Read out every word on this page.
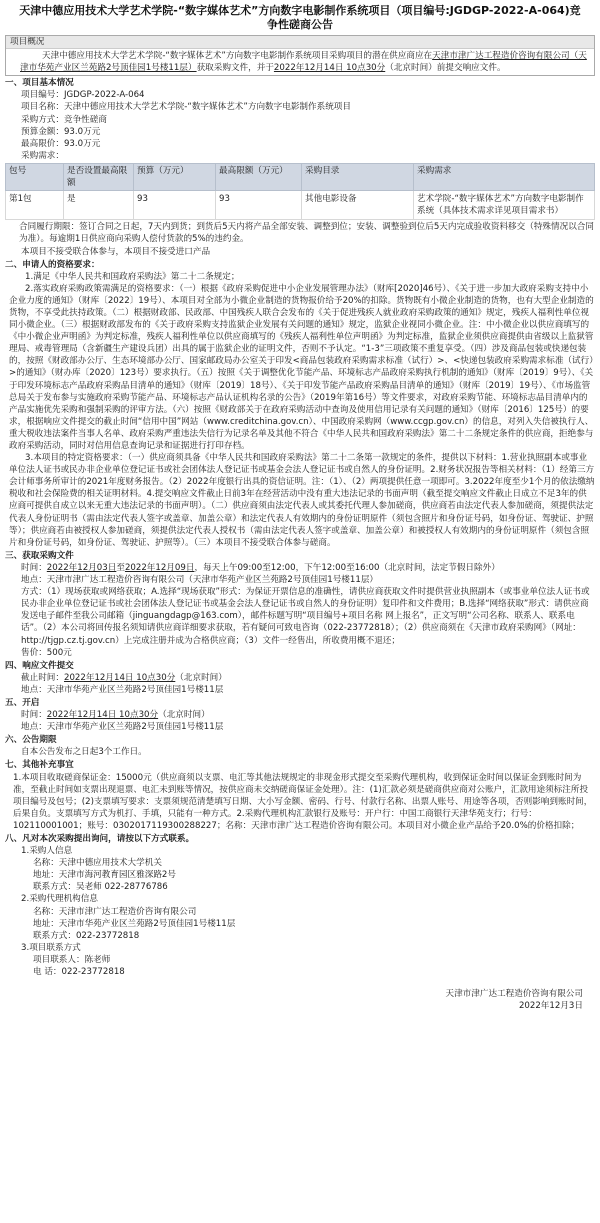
天津中德应用技术大学艺术学院-“数字媒体艺术”方向数字电影制作系统项目（项目编号:JGDGP-2022-A-064)竞争性磋商公告
项目概况
天津中德应用技术大学艺术学院-“数字媒体艺术”方向数字电影制作系统项目采购项目的潜在供应商应在天津市津广达工程造价咨询有限公司（天津市华苑产业区兰苑路2号顶佳园1号楼11层）获取采购文件，并于2022年12月14日 10点30分（北京时间）前提交响应文件。
一、项目基本情况
项目编号：JGDGP-2022-A-064
项目名称：天津中德应用技术大学艺术学院-“数字媒体艺术”方向数字电影制作系统项目
采购方式：竞争性磋商
预算金额：93.0万元
最高限价：93.0万元
采购需求：
包号	是否设置最高限额	预算（万元）	最高限额（万元）	采购目录	采购需求
第1包	是	93	93	其他电影设备	艺术学院-“数字媒体艺术”方向数字电影制作系统（具体技术需求详见项目需求书）
合同履行期限：签订合同之日起，7天内到货；到货后5天内将产品全部安装、调整到位；安装、调整验到位后5天内完成验收资料移交（特殊情况以合同为准）。每逾期1日供应商向采购人偿付货款的5%的违约金。
本项目不接受联合体参与，本项目不接受进口产品
二、申请人的资格要求：
1.满足《中华人民共和国政府采购法》第二十二条规定；
2.落实政府采购政策需满足的资格要求：（一）根据《政府采购促进中小企业发展管理办法》（财库[2020]46号）、《关于进一步加大政府采购支持中小企业力度的通知》（财库〔2022〕19号）、本项目对全部为小微企业制造的货物报价给予20%的扣除。货物既有小微企业制造的货物，也有大型企业制造的货物，不享受此扶持政策。（二）根据财政部、民政部、中国残疾人联合会发布的《关于促进残疾人就业政府采购政策的通知》规定，残疾人福利性单位视同小微企业。（三）根据财政部发布的《关于政府采购支持监狱企业发展有关问题的通知》规定，监狱企业视同小微企业。注：中小微企业以供应商填写的《中小微企业声明函》为判定标准，残疾人福利性单位以供应商填写的《残疾人福利性单位声明函》为判定标准，监狱企业须供应商提供由省级以上监狱管理局、戒毒管理局（含新疆生产建设兵团）出具的属于监狱企业的证明文件，否则不予认定。“1-3”三项政策不重复享受。（四）涉及商品包装或快递包装的，按照《财政部办公厅、生态环境部办公厅、国家邮政局办公室关于印发<商品包装政府采购需求标准（试行）>、<快递包装政府采购需求标准（试行）>的通知》（财办库〔2020〕123号）要求执行。（五）按照《关于调整优化节能产品、环境标志产品政府采购执行机制的通知》（财库〔2019〕9号）、《关于印发环境标志产品政府采购品目清单的通知》（财库〔2019〕18号）、《关于印发节能产品政府采购品目清单的通知》（财库〔2019〕19号）、《市场监管总局关于发布参与实施政府采购节能产品、环境标志产品认证机构名录的公告》（2019年第16号）等文件要求，对政府采购节能、环境标志品目清单内的产品实施优先采购和强制采购的评审方法。（六）按照《财政部关于在政府采购活动中查询及使用信用记录有关问题的通知》（财库〔2016〕125号）的要求，根据响应文件提交的截止时间“信用中国”网站（www.creditchina.gov.cn）、中国政府采购网（www.ccgp.gov.cn）的信息，对列入失信被执行人、重大税收违法案件当事人名单、政府采购严重违法失信行为记录名单及其他不符合《中华人民共和国政府采购法》第二十二条规定条件的供应商，拒绝参与政府采购活动，同时对信用信息查询记录和证据进行打印存档。
3.本项目的特定资格要求：（一）供应商须具备《中华人民共和国政府采购法》第二十二条第一款规定的条件，提供以下材料：1.营业执照副本或事业单位法人证书或民办非企业单位登记证书或社会团体法人登记证书或基金会法人登记证书或自然人的身份证明。2.财务状况报告等相关材料：（1）经第三方会计师事务所审计的2021年度财务报告。（2）2022年度银行出具的资信证明。注：（1）、（2）两项提供任意一项即可。3.2022年度至少1个月的依法缴纳税收和社会保险费的相关证明材料。4.提交响应文件截止日前3年在经营活动中没有重大违法记录的书面声明（截至提交响应文件截止日成立不足3年的供应商可提供自成立以来无重大违法记录的书面声明）。（二）供应商须由法定代表人或其委托代理人参加磋商，供应商若由法定代表人参加磋商，须提供法定代表人身份证明书（需由法定代表人签字或盖章、加盖公章）和法定代表人有效期内的身份证明原件（须包含照片和身份证号码，如身份证、驾驶证、护照等）；供应商若由被授权人参加磋商，须提供法定代表人授权书（需由法定代表人签字或盖章、加盖公章）和被授权人有效期内的身份证明原件（须包含照片和身份证号码，如身份证、驾驶证、护照等）。（三）本项目不接受联合体参与磋商。
三、获取采购文件
时间：2022年12月03日至2022年12月09日，每天上午09:00至12:00，下午12:00至16:00（北京时间，法定节假日除外）
地点：天津市津广达工程造价咨询有限公司（天津市华苑产业区兰苑路2号顶佳园1号楼11层）
方式：（1）现场获取或网络获取；A.选择“现场获取”形式：为保证开票信息的准确性，请供应商获取文件时提供营业执照副本（或事业单位法人证书或民办非企业单位登记证书或社会团体法人登记证书或基金会法人登记证书或自然人的身份证明）复印件和文件费用；B.选择“网络获取”形式：请供应商发送电子邮件至我公司邮箱（jinguangdagp@163.com），邮件标题写明“项目编号+项目名称 网上报名”，正文写明“公司名称、联系人、联系电话”。（2）本公司将回传报名须知请供应商详细要求获取，若有疑问可致电咨询（022-23772818）；（2）供应商须在《天津市政府采购网》（网址：http://tjgp.cz.tj.gov.cn）上完成注册并成为合格供应商；（3）文件一经售出，所收费用概不退还；
售价：500元
四、响应文件提交
截止时间：2022年12月14日 10点30分（北京时间）
地点：天津市华苑产业区兰苑路2号顶佳园1号楼11层
五、开启
时间：2022年12月14日 10点30分（北京时间）
地点：天津市华苑产业区兰苑路2号顶佳园1号楼11层
六、公告期限
自本公告发布之日起3个工作日。
七、其他补充事宜
1.本项目收取磋商保证金：15000元（供应商须以支票、电汇等其他法规规定的非现金形式提交至采购代理机构，收到保证金时间以保证金到账时间为准，至截止时间如支票出现退票、电汇未到账等情况，按供应商未交纳磋商保证金处理）。注：(1)汇款必须是磋商供应商对公账户，汇款用途须标注所投项目编号及包号；(2)支票填写要求：支票须规范清楚填写日期、大小写金额、密码、行号、付款行名称、出票人账号、用途等各项，否则影响到账时间，后果自负。支票填写方式为机打、手填，只能有一种方式。2.采购代理机构汇款银行及账号：开户行：中国工商银行天津华苑支行；行号：102110001001；账号：0302017119300288227；名称：天津市津广达工程造价咨询有限公司。本项目对小微企业产品给予20.0%的价格扣除；
八、凡对本次采购提出询问，请按以下方式联系。
1.采购人信息
名称：天津中德应用技术大学机关
地址：天津市海河教育园区雅深路2号
联系方式：吴老师 022-28776786
2.采购代理机构信息
名称：天津市津广达工程造价咨询有限公司
地址：天津市华苑产业区兰苑路2号顶佳园1号楼11层
联系方式：022-23772818
3.项目联系方式
项目联系人：陈老师
电 话：022-23772818
天津市津广达工程造价咨询有限公司
2022年12月3日
